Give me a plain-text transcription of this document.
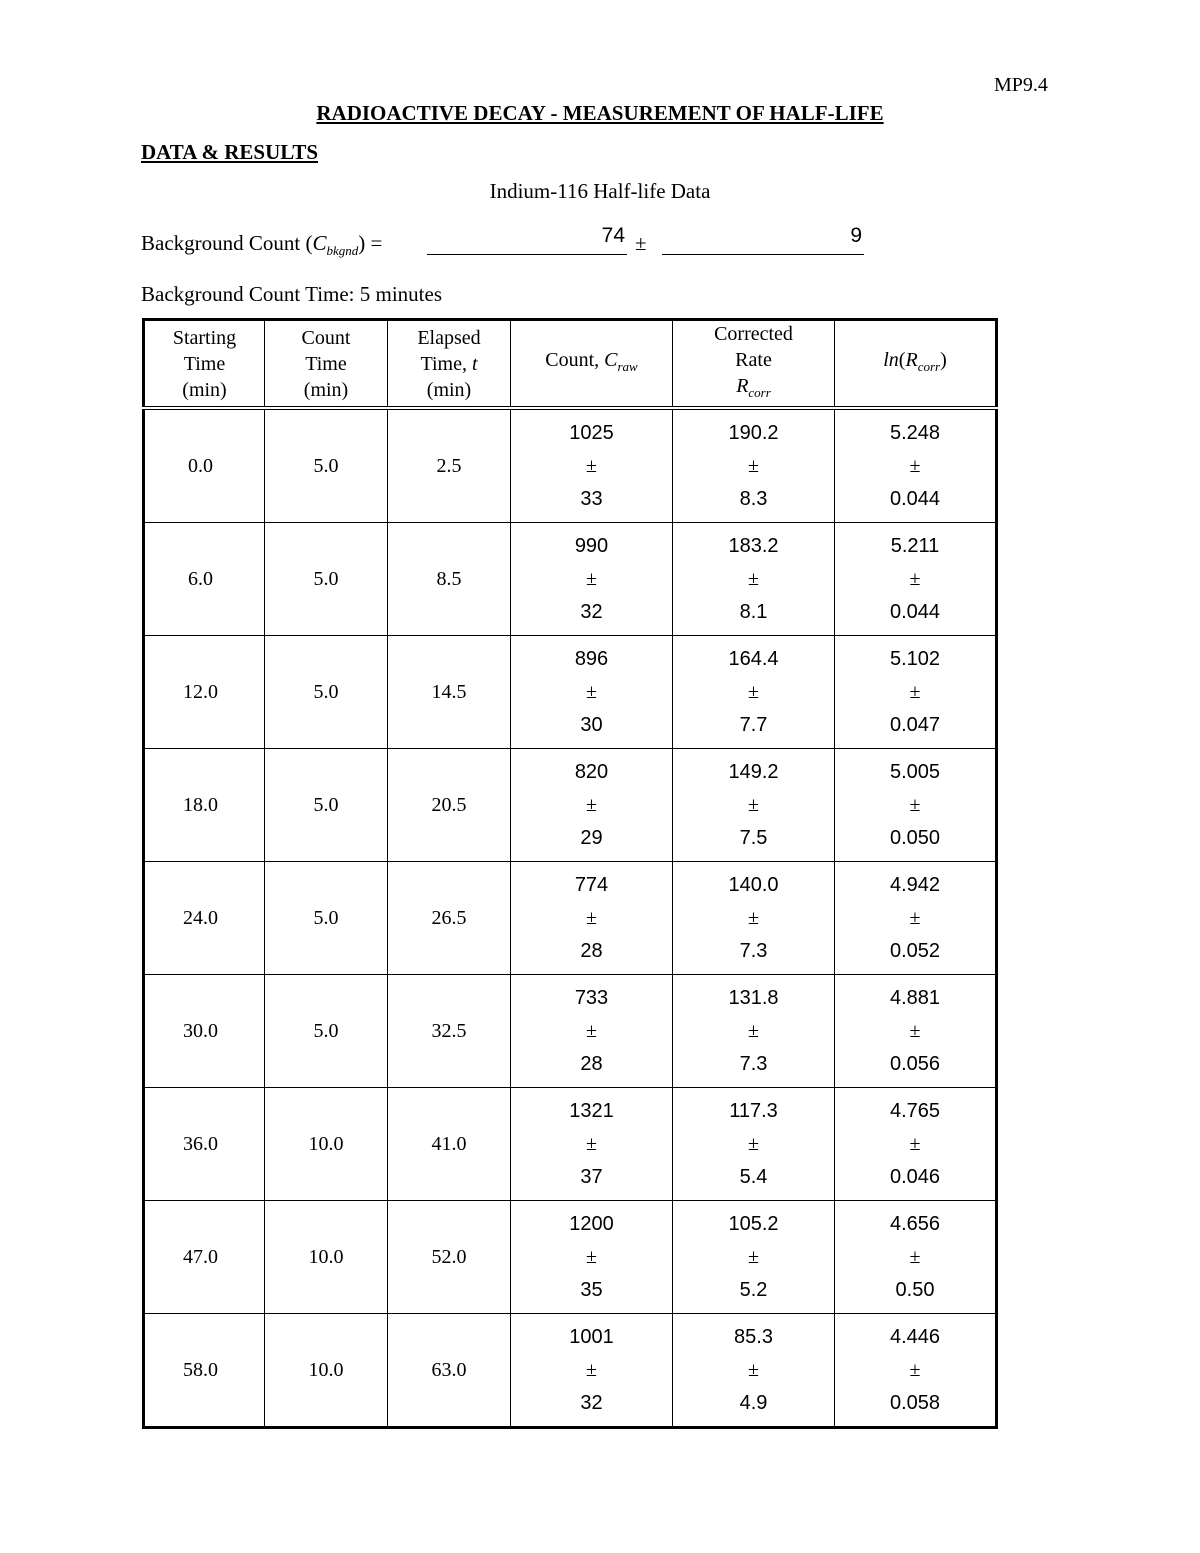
MP9.4
RADIOACTIVE DECAY - MEASUREMENT OF HALF-LIFE
DATA & RESULTS
Indium-116 Half-life Data
Background Count $(C_{bkgnd})$ =	74 ±	9
Background Count Time: 5 minutes
Starting
Time
(min)	Count
Time
(min)	Elapsed
Time, t
(min)	Count, $C_{raw}$	Corrected
Rate
$R_{corr}$	$\ln(R_{corr})$
0.0	5.0	2.5	1025
±
33	190.2
±
8.3	5.248
±
0.044

6.0	5.0	8.5	990
±
32	183.2
±
8.1	5.211
±
0.044

12.0	5.0	14.5	896
±
30	164.4
±
7.7	5.102
±
0.047

18.0	5.0	20.5	820
±
29	149.2
±
7.5	5.005
±
0.050

24.0	5.0	26.5	774
±
28	140.0
±
7.3	4.942
±
0.052

30.0	5.0	32.5	733
±
28	131.8
±
7.3	4.881
±
0.056

36.0	10.0	41.0	1321
±
37	117.3
±
5.4	4.765
±
0.046

47.0	10.0	52.0	1200
±
35	105.2
±
5.2	4.656
±
0.50

58.0	10.0	63.0	1001
±
32	85.3
±
4.9	4.446
±
0.058
